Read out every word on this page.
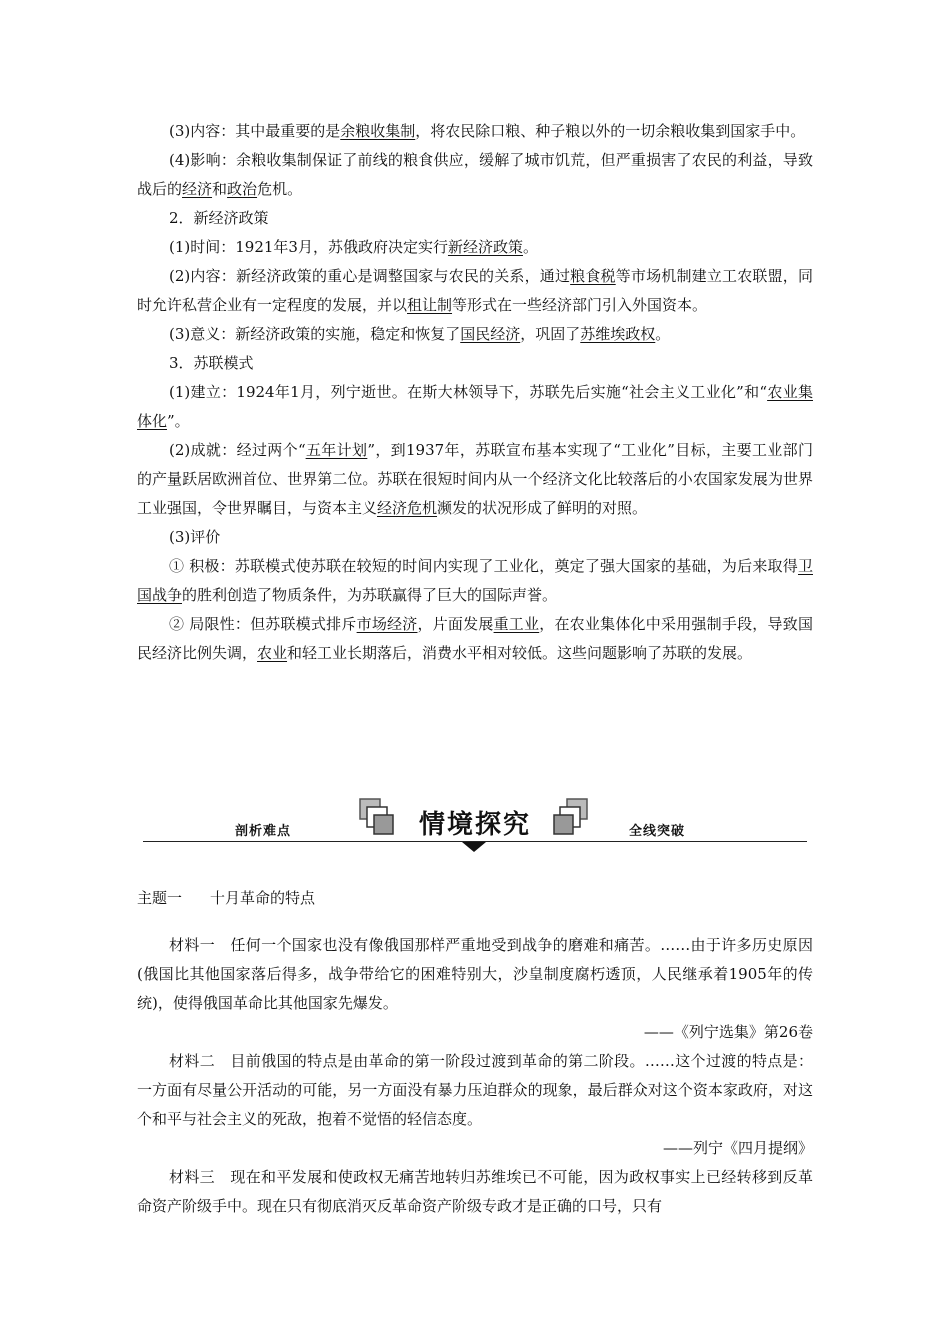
(3)内容：其中最重要的是余粮收集制，将农民除口粮、种子粮以外的一切余粮收集到国家手中。

(4)影响：余粮收集制保证了前线的粮食供应，缓解了城市饥荒，但严重损害了农民的利益，导致战后的经济和政治危机。

2．新经济政策

(1)时间：1921年3月，苏俄政府决定实行新经济政策。

(2)内容：新经济政策的重心是调整国家与农民的关系，通过粮食税等市场机制建立工农联盟，同时允许私营企业有一定程度的发展，并以租让制等形式在一些经济部门引入外国资本。

(3)意义：新经济政策的实施，稳定和恢复了国民经济，巩固了苏维埃政权。

3．苏联模式

(1)建立：1924年1月，列宁逝世。在斯大林领导下，苏联先后实施“社会主义工业化”和“农业集体化”。

(2)成就：经过两个“五年计划”，到1937年，苏联宣布基本实现了“工业化”目标，主要工业部门的产量跃居欧洲首位、世界第二位。苏联在很短时间内从一个经济文化比较落后的小农国家发展为世界工业强国，令世界瞩目，与资本主义经济危机濒发的状况形成了鲜明的对照。

(3)评价

① 积极：苏联模式使苏联在较短的时间内实现了工业化，奠定了强大国家的基础，为后来取得卫国战争的胜利创造了物质条件，为苏联赢得了巨大的国际声誉。

② 局限性：但苏联模式排斥市场经济，片面发展重工业，在农业集体化中采用强制手段，导致国民经济比例失调，农业和轻工业长期落后，消费水平相对较低。这些问题影响了苏联的发展。

剖析难点	情境探究	全线突破

主题一 十月革命的特点

材料一　任何一个国家也没有像俄国那样严重地受到战争的磨难和痛苦。……由于许多历史原因(俄国比其他国家落后得多，战争带给它的困难特别大，沙皇制度腐朽透顶，人民继承着1905年的传统)，使得俄国革命比其他国家先爆发。

——《列宁选集》第26卷

材料二　目前俄国的特点是由革命的第一阶段过渡到革命的第二阶段。……这个过渡的特点是：一方面有尽量公开活动的可能，另一方面没有暴力压迫群众的现象，最后群众对这个资本家政府，对这个和平与社会主义的死敌，抱着不觉悟的轻信态度。

——列宁《四月提纲》

材料三　现在和平发展和使政权无痛苦地转归苏维埃已不可能，因为政权事实上已经转移到反革命资产阶级手中。现在只有彻底消灭反革命资产阶级专政才是正确的口号，只有
